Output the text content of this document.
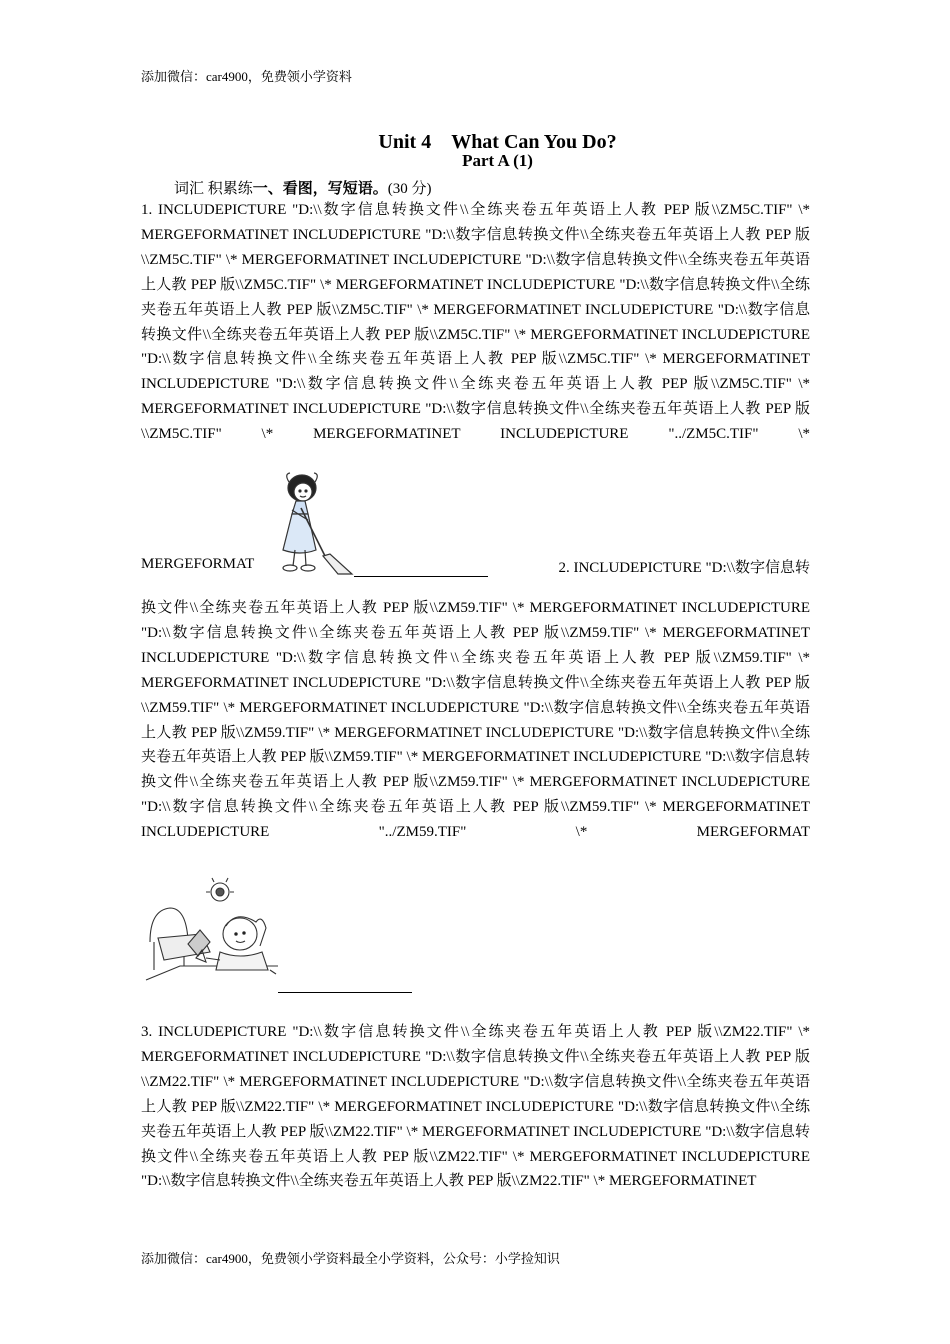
添加微信：car4900，免费领小学资料
Unit 4　What Can You Do?
Part A (1)
词汇 积累练一、看图，写短语。(30 分)

1. INCLUDEPICTURE "D:\\数字信息转换文件\\全练夹卷五年英语上人教 PEP 版\\ZM5C.TIF" \* MERGEFORMATINET INCLUDEPICTURE "D:\\数字信息转换文件\\全练夹卷五年英语上人教 PEP 版\\ZM5C.TIF" \* MERGEFORMATINET INCLUDEPICTURE "D:\\数字信息转换文件\\全练夹卷五年英语上人教 PEP 版\\ZM5C.TIF" \* MERGEFORMATINET INCLUDEPICTURE "D:\\数字信息转换文件\\全练夹卷五年英语上人教 PEP 版\\ZM5C.TIF" \* MERGEFORMATINET INCLUDEPICTURE "D:\\数字信息转换文件\\全练夹卷五年英语上人教 PEP 版\\ZM5C.TIF" \* MERGEFORMATINET INCLUDEPICTURE "D:\\数字信息转换文件\\全练夹卷五年英语上人教 PEP 版\\ZM5C.TIF" \* MERGEFORMATINET INCLUDEPICTURE "D:\\数字信息转换文件\\全练夹卷五年英语上人教 PEP 版\\ZM5C.TIF" \* MERGEFORMATINET INCLUDEPICTURE "D:\\数字信息转换文件\\全练夹卷五年英语上人教 PEP 版\\ZM5C.TIF" \* MERGEFORMATINET INCLUDEPICTURE "../ZM5C.TIF" \*

MERGEFORMAT	2. INCLUDEPICTURE "D:\\数字信息转

换文件\\全练夹卷五年英语上人教 PEP 版\\ZM59.TIF" \* MERGEFORMATINET INCLUDEPICTURE "D:\\数字信息转换文件\\全练夹卷五年英语上人教 PEP 版\\ZM59.TIF" \* MERGEFORMATINET INCLUDEPICTURE "D:\\数字信息转换文件\\全练夹卷五年英语上人教 PEP 版\\ZM59.TIF" \* MERGEFORMATINET INCLUDEPICTURE "D:\\数字信息转换文件\\全练夹卷五年英语上人教 PEP 版\\ZM59.TIF" \* MERGEFORMATINET INCLUDEPICTURE "D:\\数字信息转换文件\\全练夹卷五年英语上人教 PEP 版\\ZM59.TIF" \* MERGEFORMATINET INCLUDEPICTURE "D:\\数字信息转换文件\\全练夹卷五年英语上人教 PEP 版\\ZM59.TIF" \* MERGEFORMATINET INCLUDEPICTURE "D:\\数字信息转换文件\\全练夹卷五年英语上人教 PEP 版\\ZM59.TIF" \* MERGEFORMATINET INCLUDEPICTURE "D:\\数字信息转换文件\\全练夹卷五年英语上人教 PEP 版\\ZM59.TIF" \* MERGEFORMATINET INCLUDEPICTURE "../ZM59.TIF" \* MERGEFORMAT

3. INCLUDEPICTURE "D:\\数字信息转换文件\\全练夹卷五年英语上人教 PEP 版\\ZM22.TIF" \* MERGEFORMATINET INCLUDEPICTURE "D:\\数字信息转换文件\\全练夹卷五年英语上人教 PEP 版\\ZM22.TIF" \* MERGEFORMATINET INCLUDEPICTURE "D:\\数字信息转换文件\\全练夹卷五年英语上人教 PEP 版\\ZM22.TIF" \* MERGEFORMATINET INCLUDEPICTURE "D:\\数字信息转换文件\\全练夹卷五年英语上人教 PEP 版\\ZM22.TIF" \* MERGEFORMATINET INCLUDEPICTURE "D:\\数字信息转换文件\\全练夹卷五年英语上人教 PEP 版\\ZM22.TIF" \* MERGEFORMATINET INCLUDEPICTURE "D:\\数字信息转换文件\\全练夹卷五年英语上人教 PEP 版\\ZM22.TIF" \* MERGEFORMATINET

添加微信：car4900，免费领小学资料最全小学资料，公众号：小学捡知识
